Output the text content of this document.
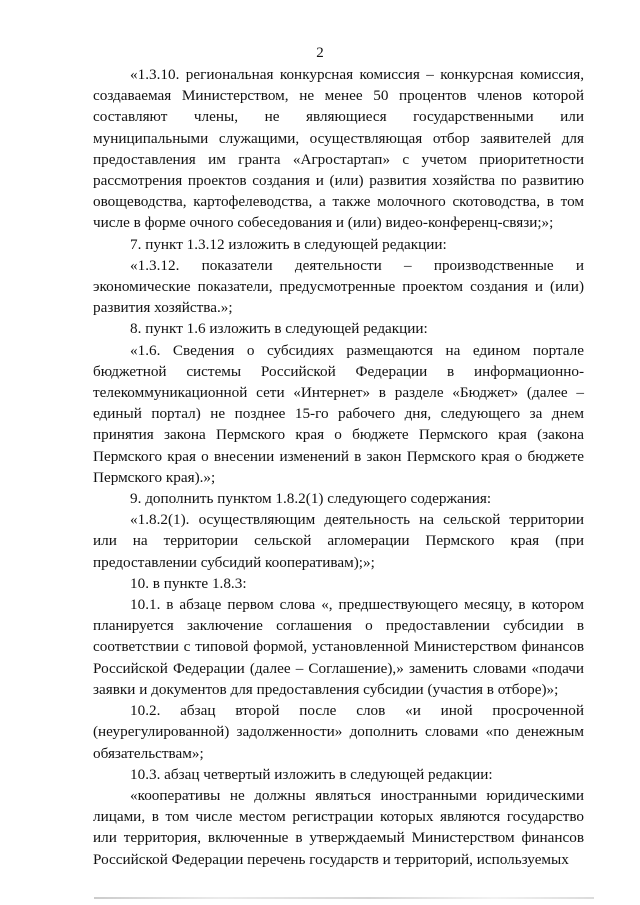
2

«1.3.10. региональная конкурсная комиссия – конкурсная комиссия, создаваемая Министерством, не менее 50 процентов членов которой составляют члены, не являющиеся государственными или муниципальными служащими, осуществляющая отбор заявителей для предоставления им гранта «Агростартап» с учетом приоритетности рассмотрения проектов создания и (или) развития хозяйства по развитию овощеводства, картофелеводства, а также молочного скотоводства, в том числе в форме очного собеседования и (или) видео-конференц-связи;»;

7. пункт 1.3.12 изложить в следующей редакции:

«1.3.12. показатели деятельности – производственные и экономические показатели, предусмотренные проектом создания и (или) развития хозяйства.»;

8. пункт 1.6 изложить в следующей редакции:

«1.6. Сведения о субсидиях размещаются на едином портале бюджетной системы Российской Федерации в информационно-телекоммуникационной сети «Интернет» в разделе «Бюджет» (далее – единый портал) не позднее 15-го рабочего дня, следующего за днем принятия закона Пермского края о бюджете Пермского края (закона Пермского края о внесении изменений в закон Пермского края о бюджете Пермского края).»;

9. дополнить пунктом 1.8.2(1) следующего содержания:

«1.8.2(1). осуществляющим деятельность на сельской территории или на территории сельской агломерации Пермского края (при предоставлении субсидий кооперативам);»;

10. в пункте 1.8.3:

10.1. в абзаце первом слова «, предшествующего месяцу, в котором планируется заключение соглашения о предоставлении субсидии в соответствии с типовой формой, установленной Министерством финансов Российской Федерации (далее – Соглашение),» заменить словами «подачи заявки и документов для предоставления субсидии (участия в отборе)»;

10.2. абзац второй после слов «и иной просроченной (неурегулированной) задолженности» дополнить словами «по денежным обязательствам»;

10.3. абзац четвертый изложить в следующей редакции:

«кооперативы не должны являться иностранными юридическими лицами, в том числе местом регистрации которых являются государство или территория, включенные в утверждаемый Министерством финансов Российской Федерации перечень государств и территорий, используемых
